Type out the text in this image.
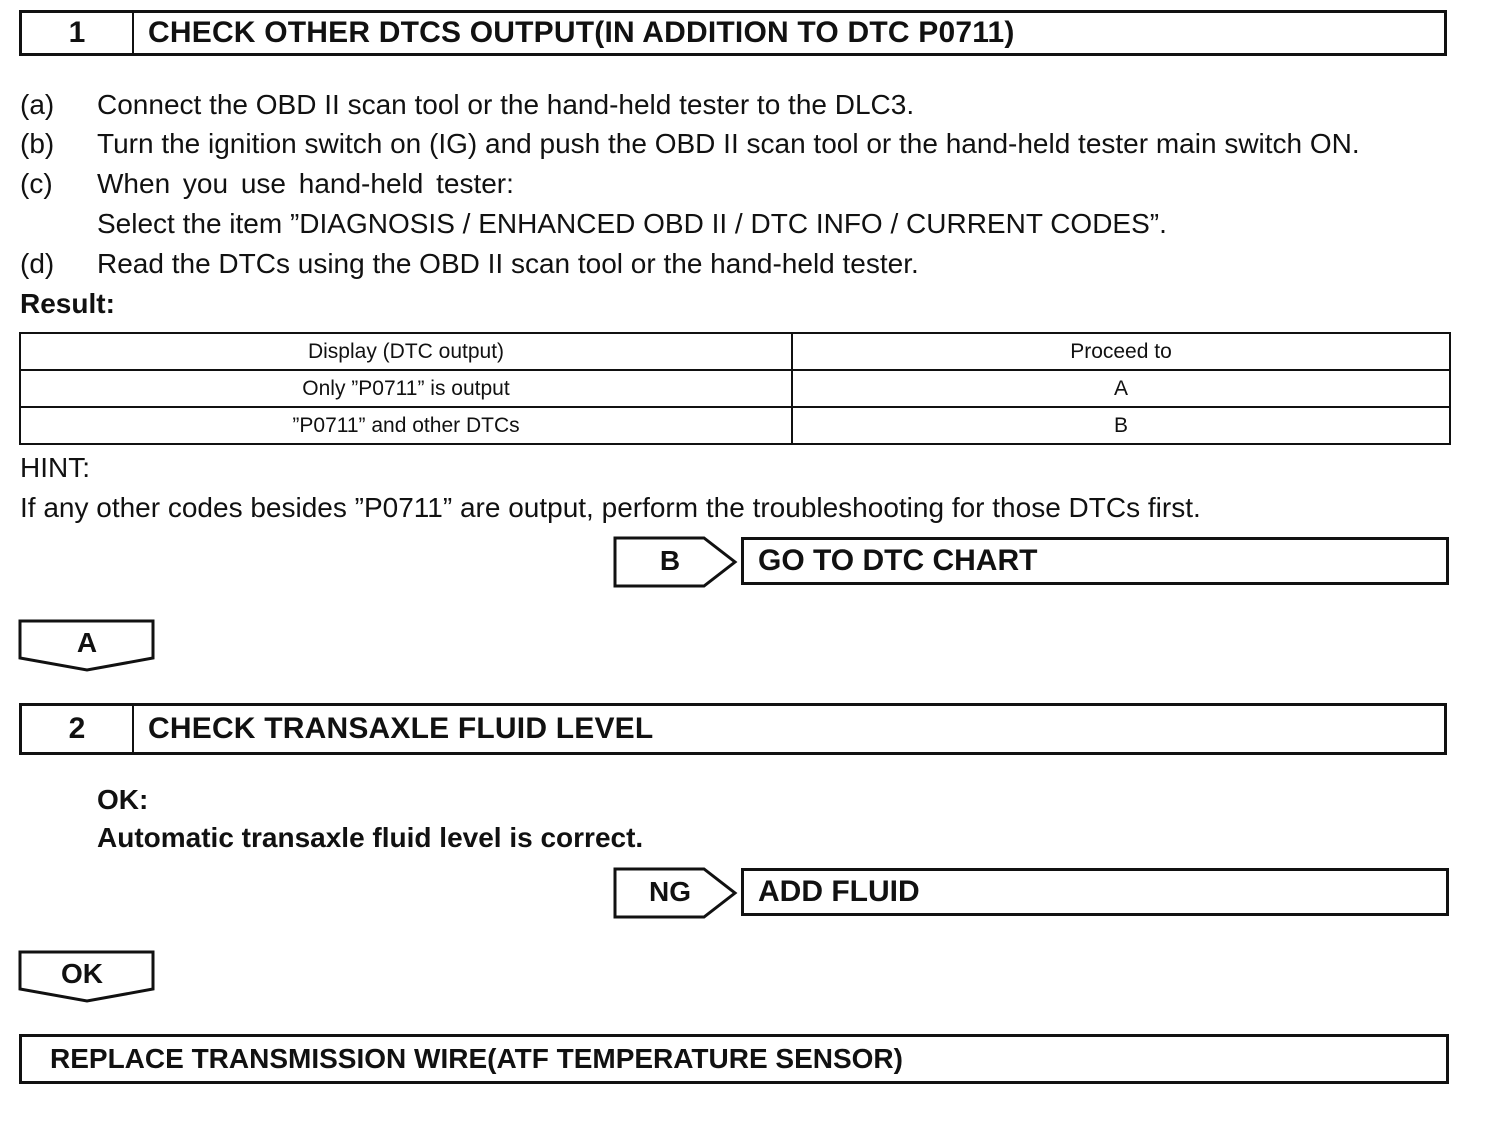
1	CHECK OTHER DTCS OUTPUT(IN ADDITION TO DTC P0711)
(a) Connect the OBD II scan tool or the hand-held tester to the DLC3.
(b) Turn the ignition switch on (IG) and push the OBD II scan tool or the hand-held tester main switch ON.
(c) When you use hand-held tester:
Select the item ”DIAGNOSIS / ENHANCED OBD II / DTC INFO / CURRENT CODES”.
(d) Read the DTCs using the OBD II scan tool or the hand-held tester.
Result:
Display (DTC output)	Proceed to
Only ”P0711” is output	A
”P0711” and other DTCs	B
HINT:
If any other codes besides ”P0711” are output, perform the troubleshooting for those DTCs first.
B	GO TO DTC CHART
A
2	CHECK TRANSAXLE FLUID LEVEL
OK:
Automatic transaxle fluid level is correct.
NG	ADD FLUID
OK
REPLACE TRANSMISSION WIRE(ATF TEMPERATURE SENSOR)
